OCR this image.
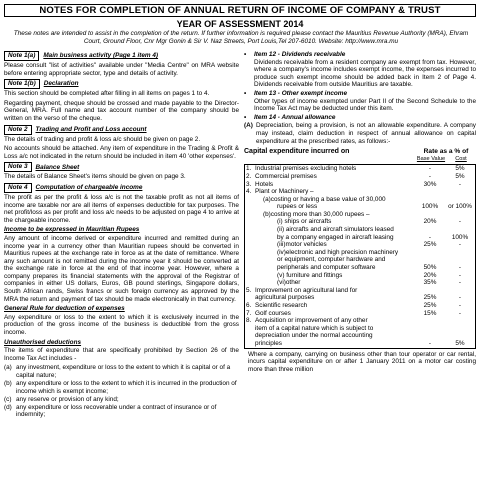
NOTES FOR COMPLETION OF ANNUAL RETURN OF INCOME OF COMPANY & TRUST
YEAR OF ASSESSMENT 2014
These notes are intended to assist in the completion of the return. If further information is required please contact the Mauritius Revenue Authority (MRA), Ehram Court, Ground Floor, Cnr Mgr Gonin & Sir V. Naz Streets, Port Louis,Tel 207-6010. Website: http://www.mra.mu
Note 1(a)	Main business activity (Page 1 item 4)
Please consult "list of activities" available under "Media Centre" on MRA website before entering appropriate sector, type and details of activity.
Note 1(b)	Declaration
This section should be completed after filling in all items on pages 1 to 4.
Regarding payment, cheque should be crossed and made payable to the Director-General, MRA. Full name and tax account number of the company should be written on the verso of the cheque.
Note 2	Trading and Profit and Loss account
The details of trading and profit & loss a/c should be given on page 2.
No accounts should be attached. Any item of expenditure in the Trading & Profit & Loss a/c not indicated in the return should be included in item 40 'other expenses'.
Note 3	Balance Sheet
The details of Balance Sheet's items should be given on page 3.
Note 4	Computation of chargeable income
The profit as per the profit & loss a/c is not the taxable profit as not all items of income are taxable nor are all items of expenses deductible for tax purposes. The net profit/loss as per profit and loss a/c needs to be adjusted on page 4 to arrive at the chargeable income.
Income to be expressed in Mauritian Rupees
Any amount of income derived or expenditure incurred and remitted during an income year in a currency other than Mauritian rupees should be converted in Mauritius rupees at the exchange rate in force as at the date of remittance. Where any such amount is not remitted during the income year it should be converted at the exchange rate in force at the end of that income year. However, where a company prepares its financial statements with the approval of the Registrar of companies in either US dollars, Euros, GB pound sterlings, Singapore dollars, South African rands, Swiss francs or such foreign currency as approved by the MRA the return and payment of tax should be made electronically in that currency.
General Rule for deduction of expenses
Any expenditure or loss to the extent to which it is exclusively incurred in the production of the gross income of the business is deductible from the gross income.
Unauthorised deductions
The items of expenditure that are specifically prohibited by Section 26 of the Income Tax Act includes -
(a) any investment, expenditure or loss to the extent to which it is capital or of a capital nature;
(b) any expenditure or loss to the extent to which it is incurred in the production of income which is exempt income;
(c) any reserve or provision of any kind;
(d) any expenditure or loss recoverable under a contract of insurance or of indemnity;
•	Item 12 - Dividends receivable
Dividends receivable from a resident company are exempt from tax. However, where a company's income includes exempt income, the expenses incurred to produce such exempt income should be added back in Item 2 of Page 4. Dividends receivable from outside Mauritius are taxable.
•	Item 13 - Other exempt income
Other types of income exempted under Part II of the Second Schedule to the Income Tax Act may be deducted under this item.
•	Item 14 - Annual allowance
(A) Depreciation, being a provision, is not an allowable expenditure. A company may instead, claim deduction in respect of annual allowance on capital expenditure at the prescribed rates, as follows:-
Capital expenditure incurred on	Rate as a % of
Base Value	Cost
1. Industrial premises excluding hotels	-	5%
2. Commercial premises	-	5%
3. Hotels	30%	-
4. Plant or Machinery –
(a)costing or having a base value of 30,000
rupees or less	100%	or 100%
(b)costing more than 30,000 rupees –
(i) ships or aircrafts	20%	-
(ii) aircrafts and aircraft simulators leased
by a company engaged in aircraft leasing	-	100%
(iii)motor vehicles	25%	-
(iv)electronic and high precision machinery
or equipment, computer hardware and
peripherals and computer software	50%	-
(v) furniture and fittings	20%	-
(vi)other	35%	-
5. Improvement on agricultural land for
agricultural purposes	25%	-
6. Scientific research	25%	-
7. Golf courses	15%	-
8. Acquisition or improvement of any other
item of a capital nature which is subject to
depreciation under the normal accounting
principles	-	5%
Where a company, carrying on business other than tour operator or car rental, incurs capital expenditure on or after 1 January 2011 on a motor car costing more than three million
